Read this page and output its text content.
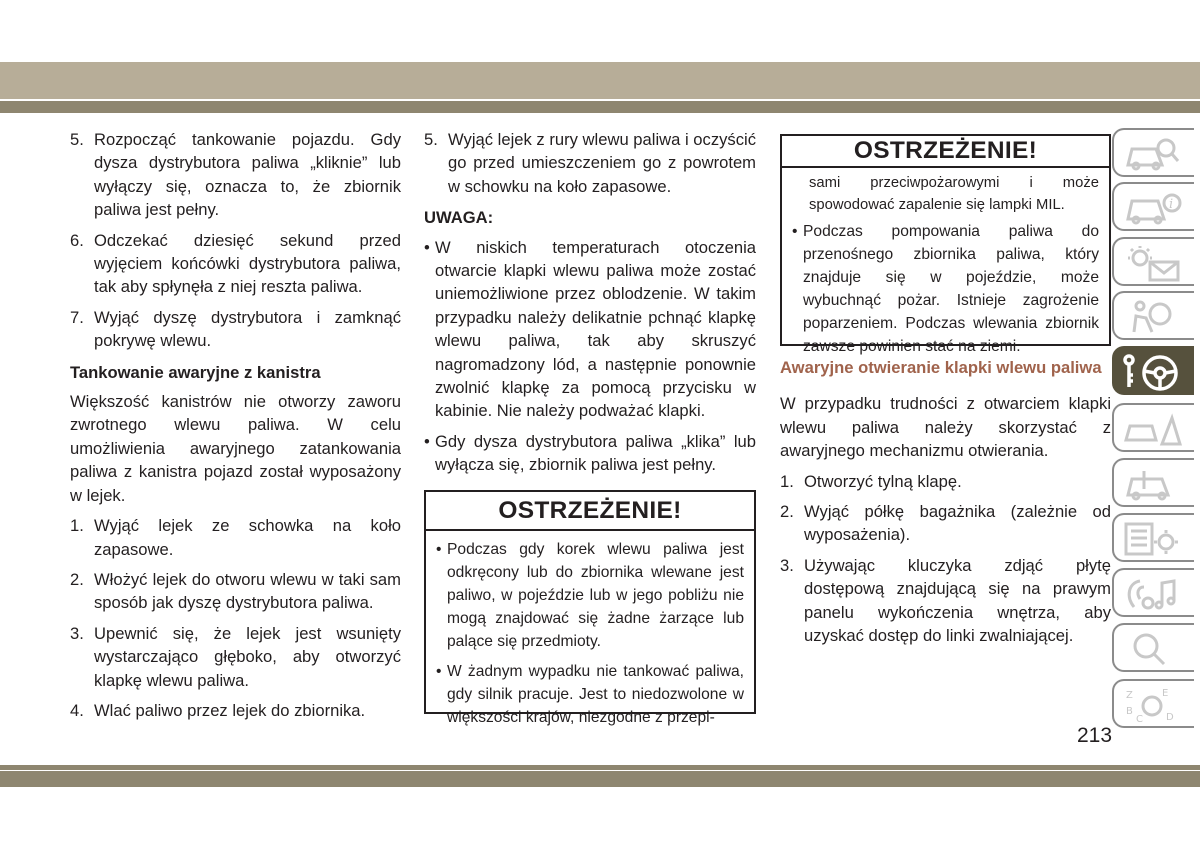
5. Rozpocząć tankowanie pojazdu. Gdy dysza dystrybutora paliwa „kliknie” lub wyłączy się, oznacza to, że zbiornik paliwa jest pełny.
6. Odczekać dziesięć sekund przed wyjęciem końcówki dystrybutora paliwa, tak aby spłynęła z niej reszta paliwa.
7. Wyjąć dyszę dystrybutora i zamknąć pokrywę wlewu.
Tankowanie awaryjne z kanistra
Większość kanistrów nie otworzy zaworu zwrotnego wlewu paliwa. W celu umożliwienia awaryjnego zatankowania paliwa z kanistra pojazd został wyposażony w lejek.
1. Wyjąć lejek ze schowka na koło zapasowe.
2. Włożyć lejek do otworu wlewu w taki sam sposób jak dyszę dystrybutora paliwa.
3. Upewnić się, że lejek jest wsunięty wystarczająco głęboko, aby otworzyć klapkę wlewu paliwa.
4. Wlać paliwo przez lejek do zbiornika.
5. Wyjąć lejek z rury wlewu paliwa i oczyścić go przed umieszczeniem go z powrotem w schowku na koło zapasowe.
UWAGA:
• W niskich temperaturach otoczenia otwarcie klapki wlewu paliwa może zostać uniemożliwione przez oblodzenie. W takim przypadku należy delikatnie pchnąć klapkę wlewu paliwa, tak aby skruszyć nagromadzony lód, a następnie ponownie zwolnić klapkę za pomocą przycisku w kabinie. Nie należy podważać klapki.
• Gdy dysza dystrybutora paliwa „klika” lub wyłącza się, zbiornik paliwa jest pełny.
OSTRZEŻENIE!
• Podczas gdy korek wlewu paliwa jest odkręcony lub do zbiornika wlewane jest paliwo, w pojeździe lub w jego pobliżu nie mogą znajdować się żadne żarzące lub palące się przedmioty.
• W żadnym wypadku nie tankować paliwa, gdy silnik pracuje. Jest to niedozwolone w większości krajów, niezgodne z przepi-
OSTRZEŻENIE!
sami przeciwpożarowymi i może spowodować zapalenie się lampki MIL.
• Podczas pompowania paliwa do przenośnego zbiornika paliwa, który znajduje się w pojeździe, może wybuchnąć pożar. Istnieje zagrożenie poparzeniem. Podczas wlewania zbiornik zawsze powinien stać na ziemi.
Awaryjne otwieranie klapki wlewu paliwa
W przypadku trudności z otwarciem klapki wlewu paliwa należy skorzystać z awaryjnego mechanizmu otwierania.
1. Otworzyć tylną klapę.
2. Wyjąć półkę bagażnika (zależnie od wyposażenia).
3. Używając kluczyka zdjąć płytę dostępową znajdującą się na prawym panelu wykończenia wnętrza, aby uzyskać dostęp do linki zwalniającej.
i
Z	E
B
C D
213
